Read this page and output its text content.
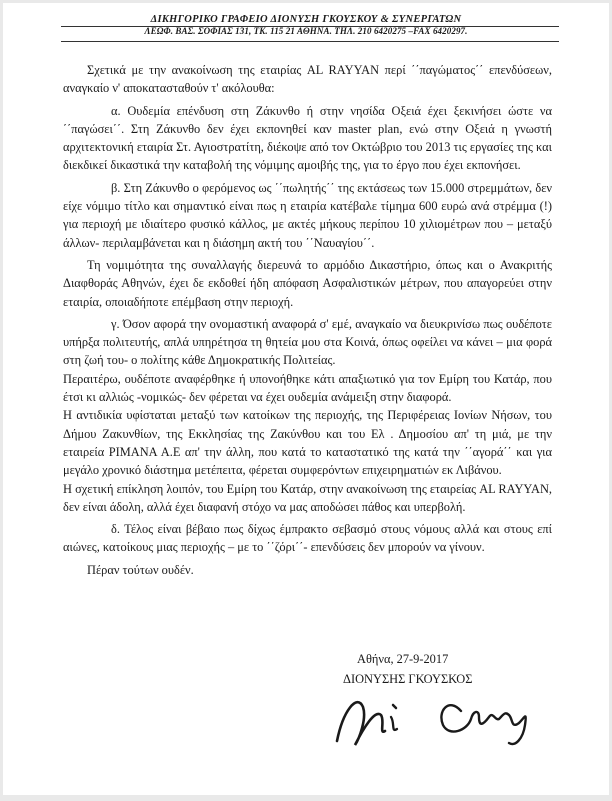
ΔΙΚΗΓΟΡΙΚΟ ΓΡΑΦΕΙΟ ΔΙΟΝΥΣΗ ΓΚΟΥΣΚΟΥ & ΣΥΝΕΡΓΑΤΩΝ
ΛΕΩΦ. ΒΑΣ. ΣΟΦΙΑΣ 131, ΤΚ. 115 21 ΑΘΗΝΑ. ΤΗΛ. 210 6420275 –FAX 6420297.

Σχετικά με την ανακοίνωση της εταιρίας AL RAYYAN περί ΄΄παγώματος΄΄ επενδύσεων, αναγκαίο ν' αποκατασταθούν τ' ακόλουθα:

α. Ουδεμία επένδυση στη Ζάκυνθο ή στην νησίδα Οξειά έχει ξεκινήσει ώστε να ΄΄παγώσει΄΄. Στη Ζάκυνθο δεν έχει εκπονηθεί καν master plan, ενώ στην Οξειά η γνωστή αρχιτεκτονική εταιρία Στ. Αγιοστρατίτη, διέκοψε από τον Οκτώβριο του 2013 τις εργασίες της και διεκδικεί δικαστικά την καταβολή της νόμιμης αμοιβής της, για το έργο που έχει εκπονήσει.

β. Στη Ζάκυνθο ο φερόμενος ως ΄΄πωλητής΄΄ της εκτάσεως των 15.000 στρεμμάτων, δεν είχε νόμιμο τίτλο και σημαντικό είναι πως η εταιρία κατέβαλε τίμημα 600 ευρώ ανά στρέμμα (!) για περιοχή με ιδιαίτερο φυσικό κάλλος, με ακτές μήκους περίπου 10 χιλιομέτρων που – μεταξύ άλλων- περιλαμβάνεται και η διάσημη ακτή του ΄΄Ναυαγίου΄΄.

Τη νομιμότητα της συναλλαγής διερευνά το αρμόδιο Δικαστήριο, όπως και ο Ανακριτής Διαφθοράς Αθηνών, έχει δε εκδοθεί ήδη απόφαση Ασφαλιστικών μέτρων, που απαγορεύει στην εταιρία, οποιαδήποτε επέμβαση στην περιοχή.

γ. Όσον αφορά την ονομαστική αναφορά σ' εμέ, αναγκαίο να διευκρινίσω πως ουδέποτε υπήρξα πολιτευτής, απλά υπηρέτησα τη θητεία μου στα Κοινά, όπως οφείλει να κάνει – μια φορά στη ζωή του- ο πολίτης κάθε Δημοκρατικής Πολιτείας.

Περαιτέρω, ουδέποτε αναφέρθηκε ή υπονοήθηκε κάτι απαξιωτικό για τον Εμίρη του Κατάρ, που έτσι κι αλλιώς -νομικώς- δεν φέρεται να έχει ουδεμία ανάμειξη στην διαφορά.

Η αντιδικία υφίσταται μεταξύ των κατοίκων της περιοχής, της Περιφέρειας Ιονίων Νήσων, του Δήμου Ζακυνθίων, της Εκκλησίας της Ζακύνθου και του Ελ . Δημοσίου απ' τη μιά, με την εταιρεία ΡΙΜΑΝΑ Α.Ε απ' την άλλη, που κατά το καταστατικό της κατά την ΄΄αγορά΄΄ και για μεγάλο χρονικό διάστημα μετέπειτα, φέρεται συμφερόντων επιχειρηματιών εκ Λιβάνου.

Η σχετική επίκληση λοιπόν, του Εμίρη του Κατάρ, στην ανακοίνωση της εταιρείας AL RAYYAN, δεν είναι άδολη, αλλά έχει διαφανή στόχο να μας αποδώσει πάθος και υπερβολή.

δ. Τέλος είναι βέβαιο πως δίχως έμπρακτο σεβασμό στους νόμους αλλά και στους επί αιώνες, κατοίκους μιας περιοχής – με το ΄΄ζόρι΄΄- επενδύσεις δεν μπορούν να γίνουν.

Πέραν τούτων ουδέν.

Αθήνα, 27-9-2017
ΔΙΟΝΥΣΗΣ ΓΚΟΥΣΚΟΣ
